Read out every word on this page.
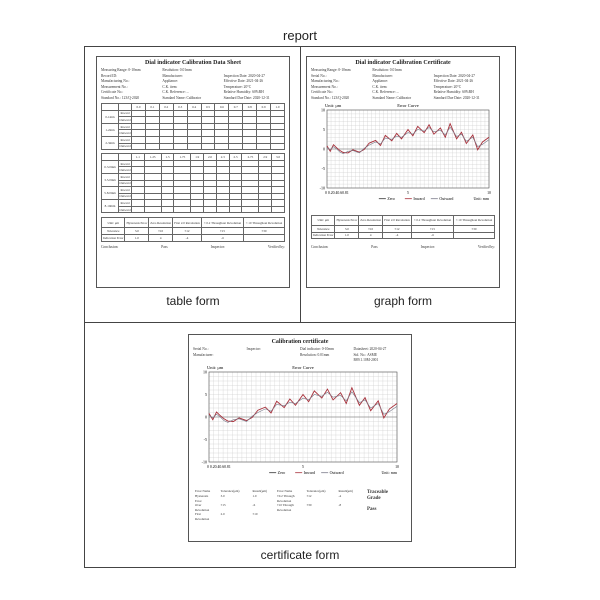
report
Dial indicator Calibration Data Sheet
Measuring Range: 0-10mm	Resolution: 0.01mm
Record ID:	Manufacturer:	Inspection Date: 2020-04-27
Manufacturing No.:	Appliance:	Effective Date: 2021-04-26
Measurement No.:	C.K. item:	Temperature: 20°C
Certificate No.:	C.K. Reference: ...	Relative Humidity: 60%RH
Standard No.: 123/Q-2020	Standard Name: Calibrator	Standard Due Date: 2020-12-31
		0.0	0.1	0.2	0.3	0.4	0.5	0.6	0.7	0.8	0.9	1.0
0-1mm	Inward											
	Outward											
1-2mm	Inward											
	Outward											
2-3mm	Inward											
	Outward											
		1.1	1.25	1.5	1.75	1.9	2.0	2.3	2.5	2.75	2.9	3.0
0-3.0mm	Inward											
	Outward											
3-5.0mm	Inward											
	Outward											
5-8.0mm	Inward											
	Outward											
8-10mm	Inward											
	Outward											
Unit: μm	Hysteresis Error	Zero Resolution	First 2.0 Revolution	< 0.2 Throughout Revolution	< 10 Throughout Revolution
Tolerance	3.0	±10	±12	±15	±30
Indication Error	1.0	4	-4	-6	
Conclusion:	Pass	Inspector:	Verified by:
table form
Dial indicator Calibration Certificate
Measuring Range: 0-10mm	Resolution: 0.01mm
Serial No.:	Manufacturer:	Inspection Date: 2020-04-27
Manufacturing No.:	Appliance:	Effective Date: 2021-04-26
Measurement No.:	C.K. item:	Temperature: 20°C
Certificate No.:	C.K. Reference: ...	Relative Humidity: 60%RH
Standard No.: 123/Q-2020	Standard Name: Calibrator	Standard Due Date: 2020-12-31
Unit: μm	Error Curve
10
5
0
-5
-10
0 0.20.40.60.81	5	10
Zero	Inward	Outward	Unit: mm
Unit: μm	Hysteresis Error	Zero Resolution	First 2.0 Revolution	< 0.2 Throughout Revolution	< 10 Throughout Revolution
Tolerance	3.0	±10	±12	±15	±30
Indication Error	1.0	4	-4	-6	
Conclusion:	Pass	Inspector:	Verified by:
graph form
Calibration certificate
Serial No.:	Inspector:	Dial indicator: 0-10mm	Datasheet: 2020-04-27
Manufacturer:	Resolution: 0.01mm	Std. No.: ASME
B89.1.10M-2001
Unit: μm	Error Curve
10
5
0
-5
-10
0 0.20.40.60.81	5	10
Zero	Inward	Outward	Unit: mm
Error Name	Tolerance(μm)	Result(μm)	Error Name	Tolerance(μm)	Result(μm)
Hysteresis	3.0	1.0	±0.2 Through	±12	-4
Error			Revolution		
Over	±15	-6	±10 Through	±30	-8
Revolution			Revolution		
First	2.0	±10			
Revolution					
Traceable
Grade
Pass
certificate form
